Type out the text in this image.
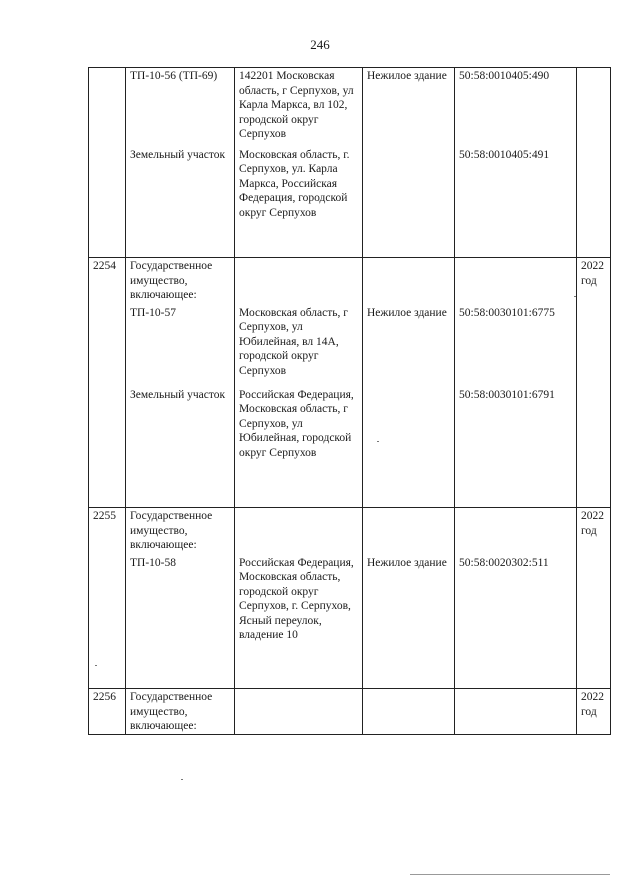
246
	ТП-10-56 (ТП-69)	142201 Московская область, г Серпухов, ул Карла Маркса, вл 102, городской округ Серпухов	Нежилое здание	50:58:0010405:490	
	Земельный участок	Московская область, г. Серпухов, ул. Карла Маркса, Российская Федерация, городской округ Серпухов		50:58:0010405:491	
2254	Государственное имущество, включающее:				2022 год
	ТП-10-57	Московская область, г Серпухов, ул Юбилейная, вл 14А, городской округ Серпухов	Нежилое здание	50:58:0030101:6775	
	Земельный участок	Российская Федерация, Московская область, г Серпухов, ул Юбилейная, городской округ Серпухов		50:58:0030101:6791	
2255	Государственное имущество, включающее:				2022 год
	ТП-10-58	Российская Федерация, Московская область, городской округ Серпухов, г. Серпухов, Ясный переулок, владение 10	Нежилое здание	50:58:0020302:511	
2256	Государственное имущество, включающее:				2022 год
